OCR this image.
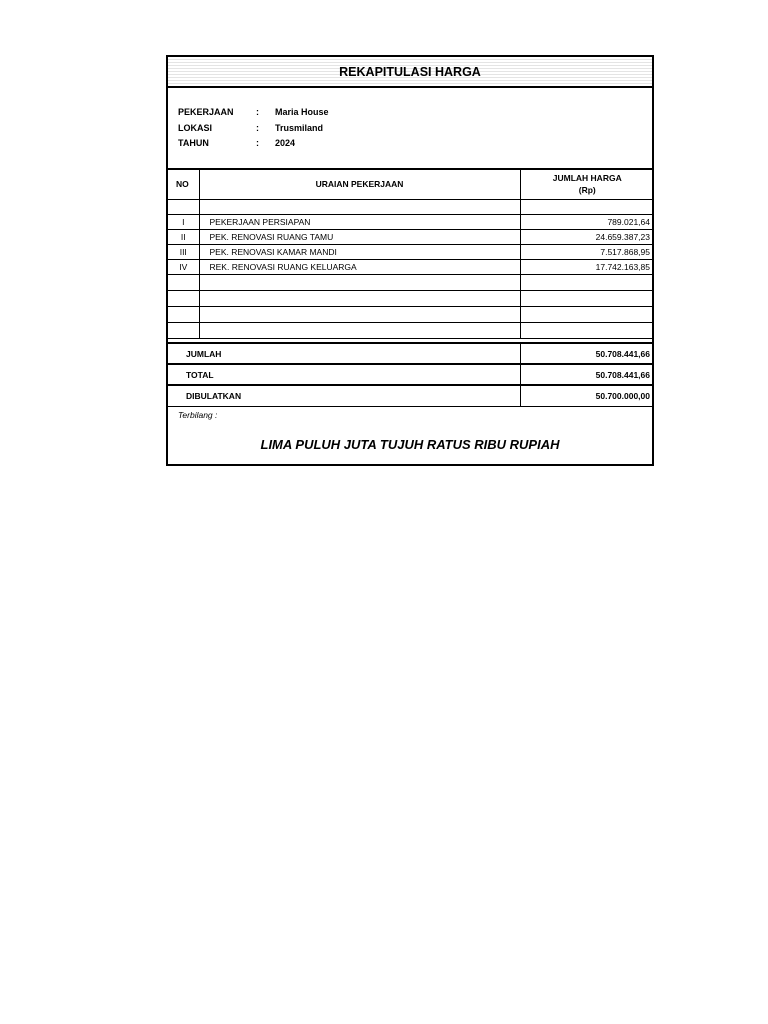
REKAPITULASI HARGA
PEKERJAAN	: Maria House
LOKASI	: Trusmiland
TAHUN	: 2024
NO	URAIAN PEKERJAAN	JUMLAH HARGA
(Rp)

I	PEKERJAAN PERSIAPAN	789.021,64
II	PEK. RENOVASI RUANG TAMU	24.659.387,23
III	PEK. RENOVASI KAMAR MANDI	7.517.868,95
IV	REK. RENOVASI RUANG KELUARGA	17.742.163,85

JUMLAH	50.708.441,66
TOTAL	50.708.441,66
DIBULATKAN	50.700.000,00
Terbilang :
LIMA PULUH JUTA TUJUH RATUS RIBU RUPIAH
